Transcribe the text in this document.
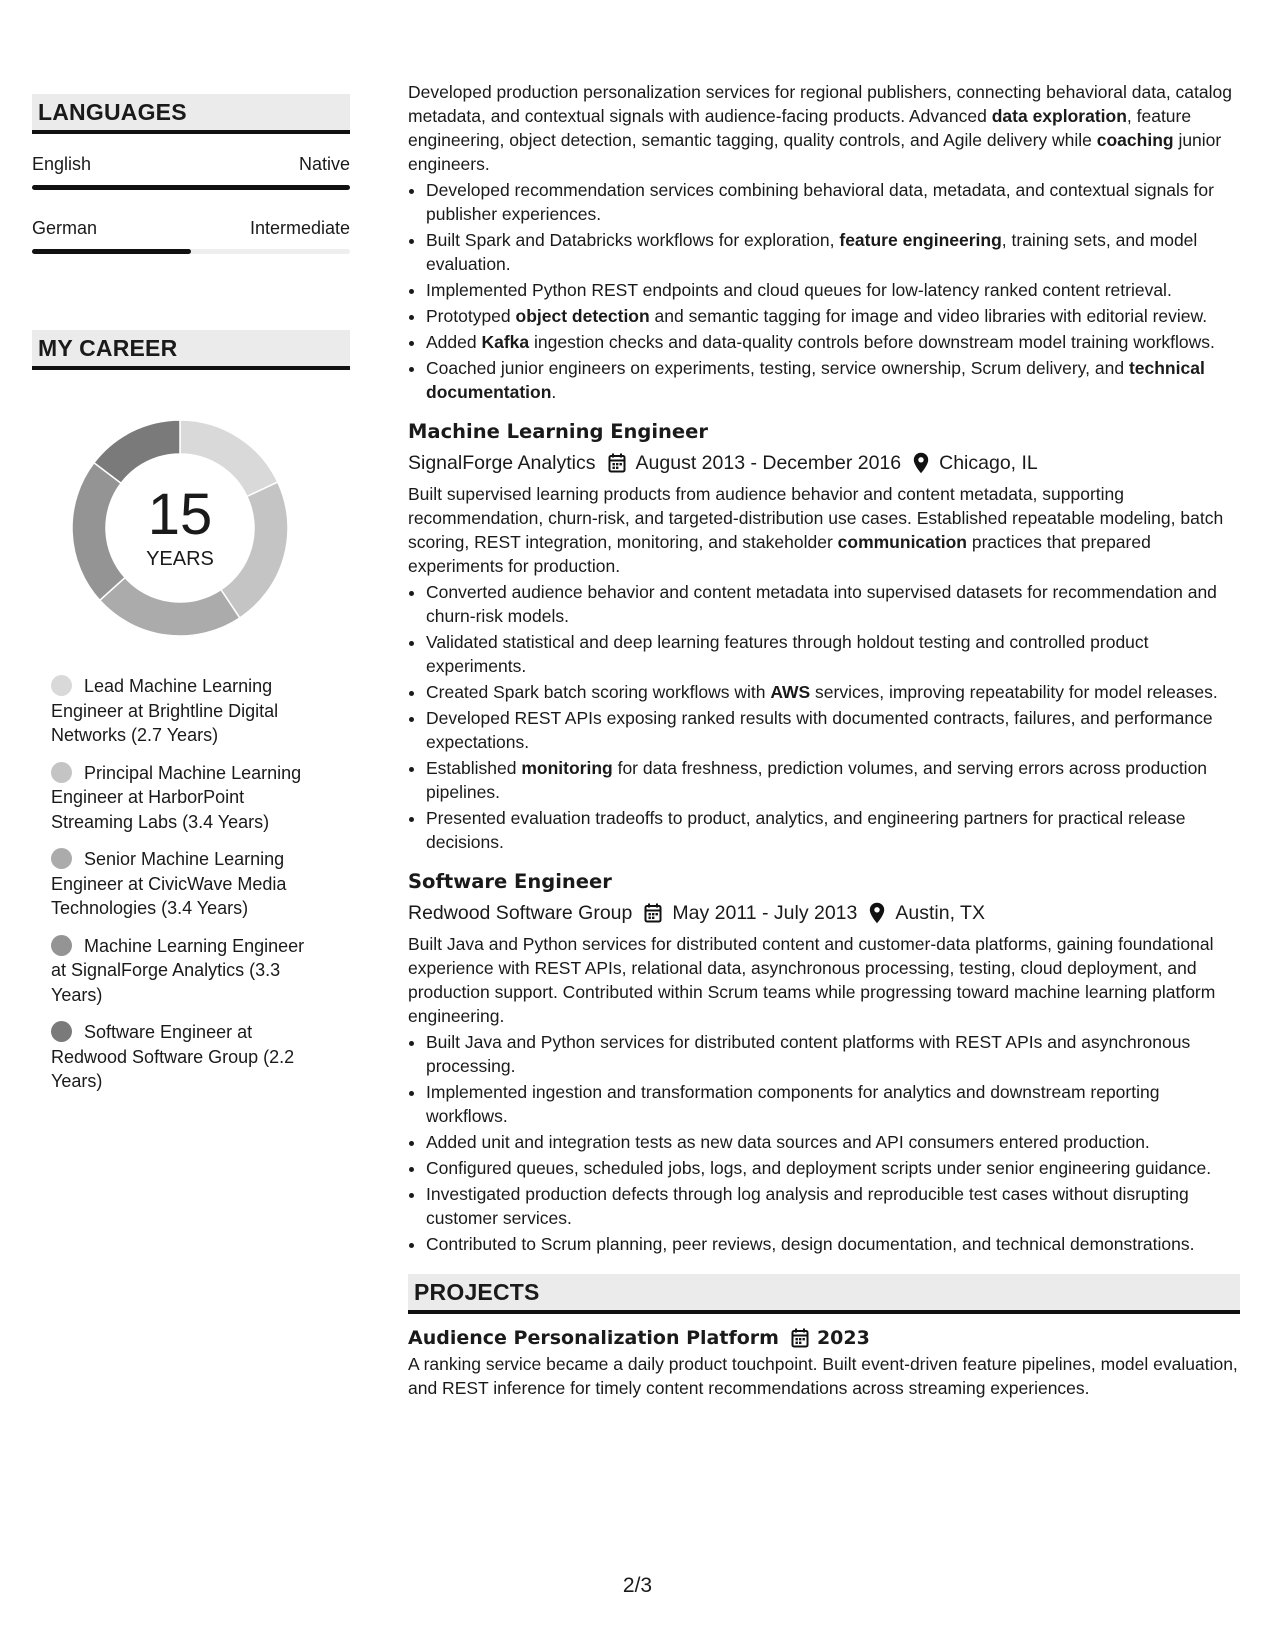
LANGUAGES
English	Native
German	Intermediate
MY CAREER
15
YEARS
Lead Machine Learning Engineer at Brightline Digital Networks (2.7 Years)
Principal Machine Learning Engineer at HarborPoint Streaming Labs (3.4 Years)
Senior Machine Learning Engineer at CivicWave Media Technologies (3.4 Years)
Machine Learning Engineer at SignalForge Analytics (3.3 Years)
Software Engineer at Redwood Software Group (2.2 Years)
Developed production personalization services for regional publishers, connecting behavioral data, catalog metadata, and contextual signals with audience-facing products. Advanced data exploration, feature engineering, object detection, semantic tagging, quality controls, and Agile delivery while coaching junior engineers.
• Developed recommendation services combining behavioral data, metadata, and contextual signals for publisher experiences.
• Built Spark and Databricks workflows for exploration, feature engineering, training sets, and model evaluation.
• Implemented Python REST endpoints and cloud queues for low-latency ranked content retrieval.
• Prototyped object detection and semantic tagging for image and video libraries with editorial review.
• Added Kafka ingestion checks and data-quality controls before downstream model training workflows.
• Coached junior engineers on experiments, testing, service ownership, Scrum delivery, and technical documentation.
Machine Learning Engineer
SignalForge Analytics August 2013 - December 2016 Chicago, IL
Built supervised learning products from audience behavior and content metadata, supporting recommendation, churn-risk, and targeted-distribution use cases. Established repeatable modeling, batch scoring, REST integration, monitoring, and stakeholder communication practices that prepared experiments for production.
• Converted audience behavior and content metadata into supervised datasets for recommendation and churn-risk models.
• Validated statistical and deep learning features through holdout testing and controlled product experiments.
• Created Spark batch scoring workflows with AWS services, improving repeatability for model releases.
• Developed REST APIs exposing ranked results with documented contracts, failures, and performance expectations.
• Established monitoring for data freshness, prediction volumes, and serving errors across production pipelines.
• Presented evaluation tradeoffs to product, analytics, and engineering partners for practical release decisions.
Software Engineer
Redwood Software Group May 2011 - July 2013 Austin, TX
Built Java and Python services for distributed content and customer-data platforms, gaining foundational experience with REST APIs, relational data, asynchronous processing, testing, cloud deployment, and production support. Contributed within Scrum teams while progressing toward machine learning platform engineering.
• Built Java and Python services for distributed content platforms with REST APIs and asynchronous processing.
• Implemented ingestion and transformation components for analytics and downstream reporting workflows.
• Added unit and integration tests as new data sources and API consumers entered production.
• Configured queues, scheduled jobs, logs, and deployment scripts under senior engineering guidance.
• Investigated production defects through log analysis and reproducible test cases without disrupting customer services.
• Contributed to Scrum planning, peer reviews, design documentation, and technical demonstrations.
PROJECTS
Audience Personalization Platform 2023
A ranking service became a daily product touchpoint. Built event-driven feature pipelines, model evaluation, and REST inference for timely content recommendations across streaming experiences.
2/3
